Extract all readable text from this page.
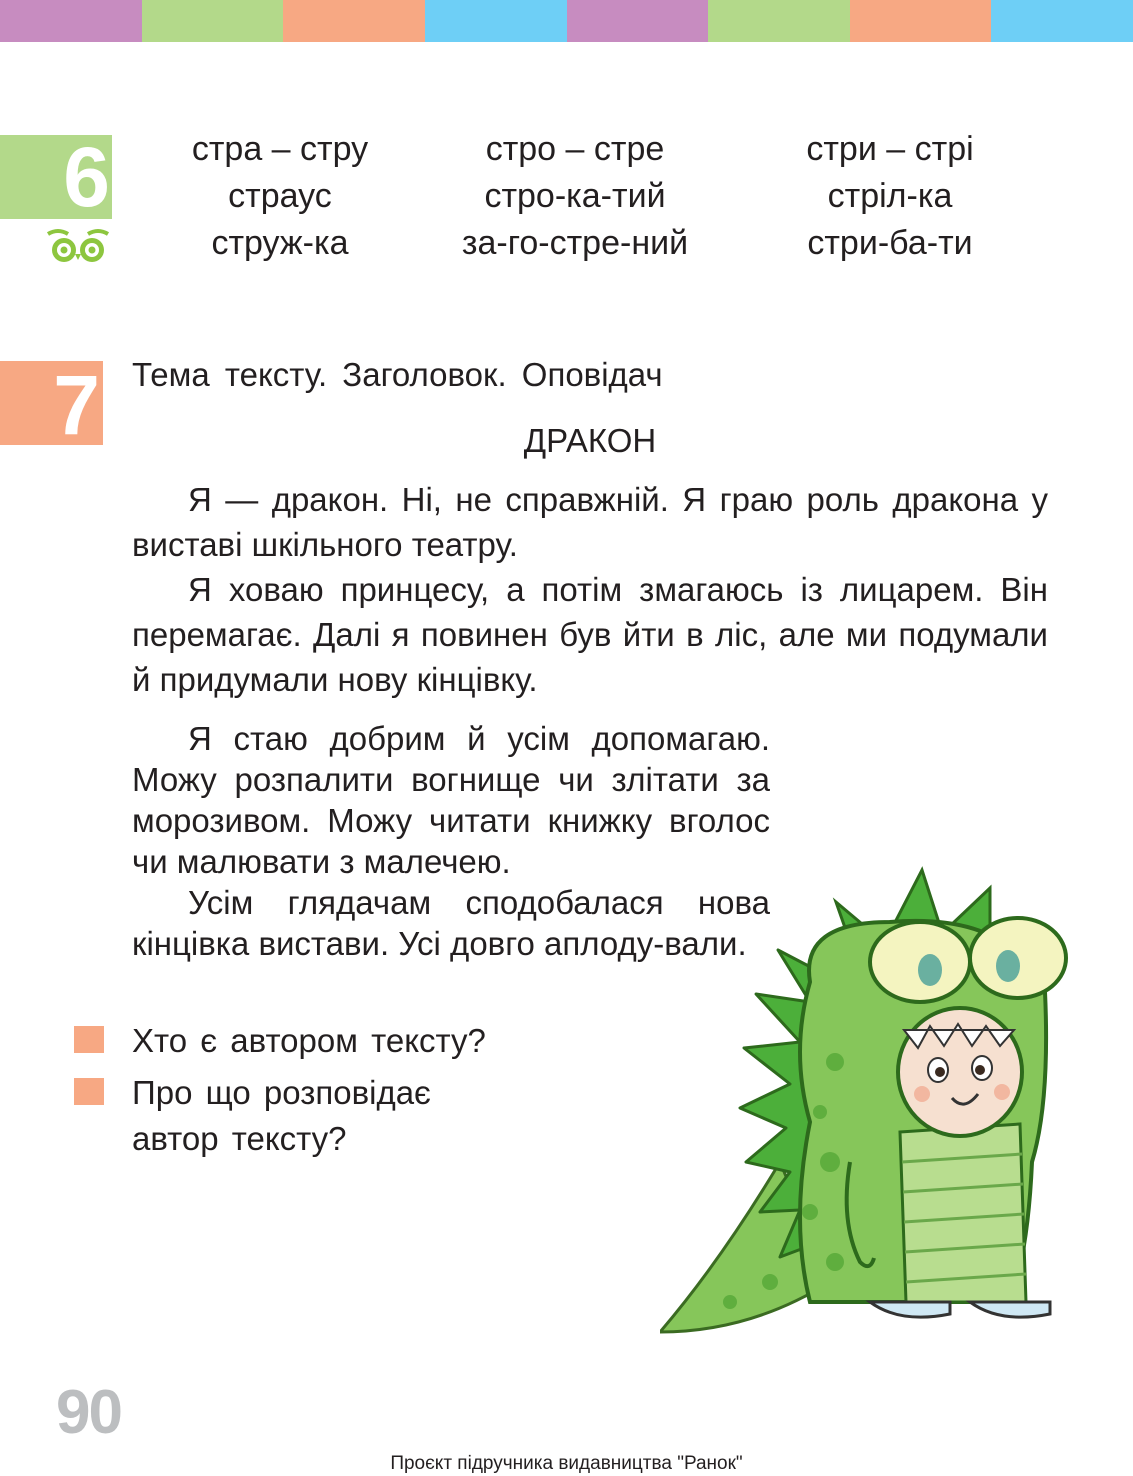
6	стра – стру
страус
струж-ка
стро – стре
стро-ка-тий
за-го-стре-ний
стри – стрі
стріл-ка
стри-ба-ти
7 Тема тексту. Заголовок. Оповідач
ДРАКОН
Я — дракон. Ні, не справжній. Я граю роль дракона у виставі шкільного театру.
Я ховаю принцесу, а потім змагаюсь із лицарем. Він перемагає. Далі я повинен був йти в ліс, але ми подумали й придумали нову кінцівку.
Я стаю добрим й усім допомагаю. Можу розпалити вогнище чи злітати за морозивом. Можу читати книжку вголос чи малювати з малечею.
Усім глядачам сподобалася нова кінцівка вистави. Усі довго аплоду-вали.
Хто є автором тексту?
Про що розповідає автор тексту?
90
Проєкт підручника видавництва "Ранок"
